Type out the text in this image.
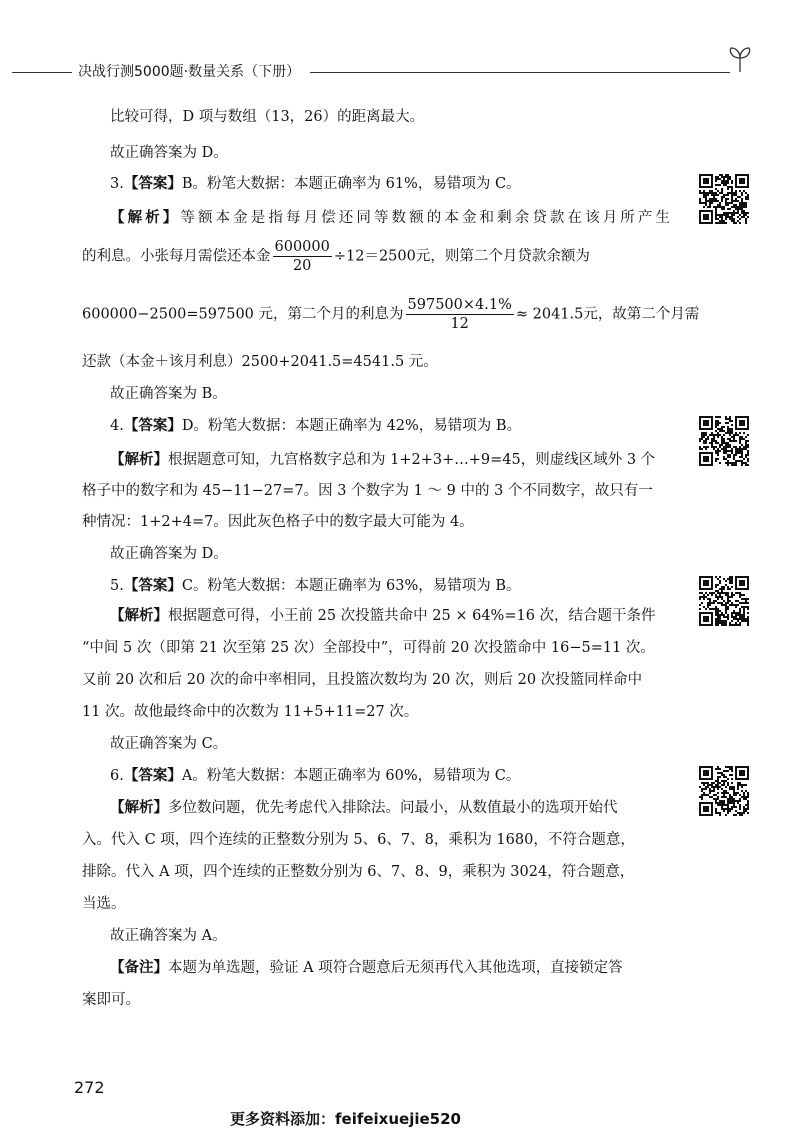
决战行测5000题·数量关系（下册）
比较可得，D 项与数组（13，26）的距离最大。
故正确答案为 D。
3.【答案】B。粉笔大数据：本题正确率为 61%，易错项为 C。
【解析】等额本金是指每月偿还同等数额的本金和剩余贷款在该月所产生
的利息。小张每月需偿还本金 $\frac{600000}{20} \div 12=2500$元，则第二个月贷款余额为
600000−2500=597500 元，第二个月的利息为 $\frac{597500\times 4.1\%}{12} \approx 2041.5$元，故第二个月需
还款（本金＋该月利息）2500+2041.5=4541.5 元。
故正确答案为 B。
4.【答案】D。粉笔大数据：本题正确率为 42%，易错项为 B。
【解析】根据题意可知，九宫格数字总和为 1+2+3+…+9=45，则虚线区域外 3 个
格子中的数字和为 45−11−27=7。因 3 个数字为 1 ～ 9 中的 3 个不同数字，故只有一
种情况：1+2+4=7。因此灰色格子中的数字最大可能为 4。
故正确答案为 D。
5.【答案】C。粉笔大数据：本题正确率为 63%，易错项为 B。
【解析】根据题意可得，小王前 25 次投篮共命中 25 × 64%=16 次，结合题干条件
“中间 5 次（即第 21 次至第 25 次）全部投中”，可得前 20 次投篮命中 16−5=11 次。
又前 20 次和后 20 次的命中率相同，且投篮次数均为 20 次，则后 20 次投篮同样命中
11 次。故他最终命中的次数为 11+5+11=27 次。
故正确答案为 C。
6.【答案】A。粉笔大数据：本题正确率为 60%，易错项为 C。
【解析】多位数问题，优先考虑代入排除法。问最小，从数值最小的选项开始代
入。代入 C 项，四个连续的正整数分别为 5、6、7、8，乘积为 1680，不符合题意，
排除。代入 A 项，四个连续的正整数分别为 6、7、8、9，乘积为 3024，符合题意，
当选。
故正确答案为 A。
【备注】本题为单选题，验证 A 项符合题意后无须再代入其他选项，直接锁定答
案即可。
272
更多资料添加：feifeixuejie520
